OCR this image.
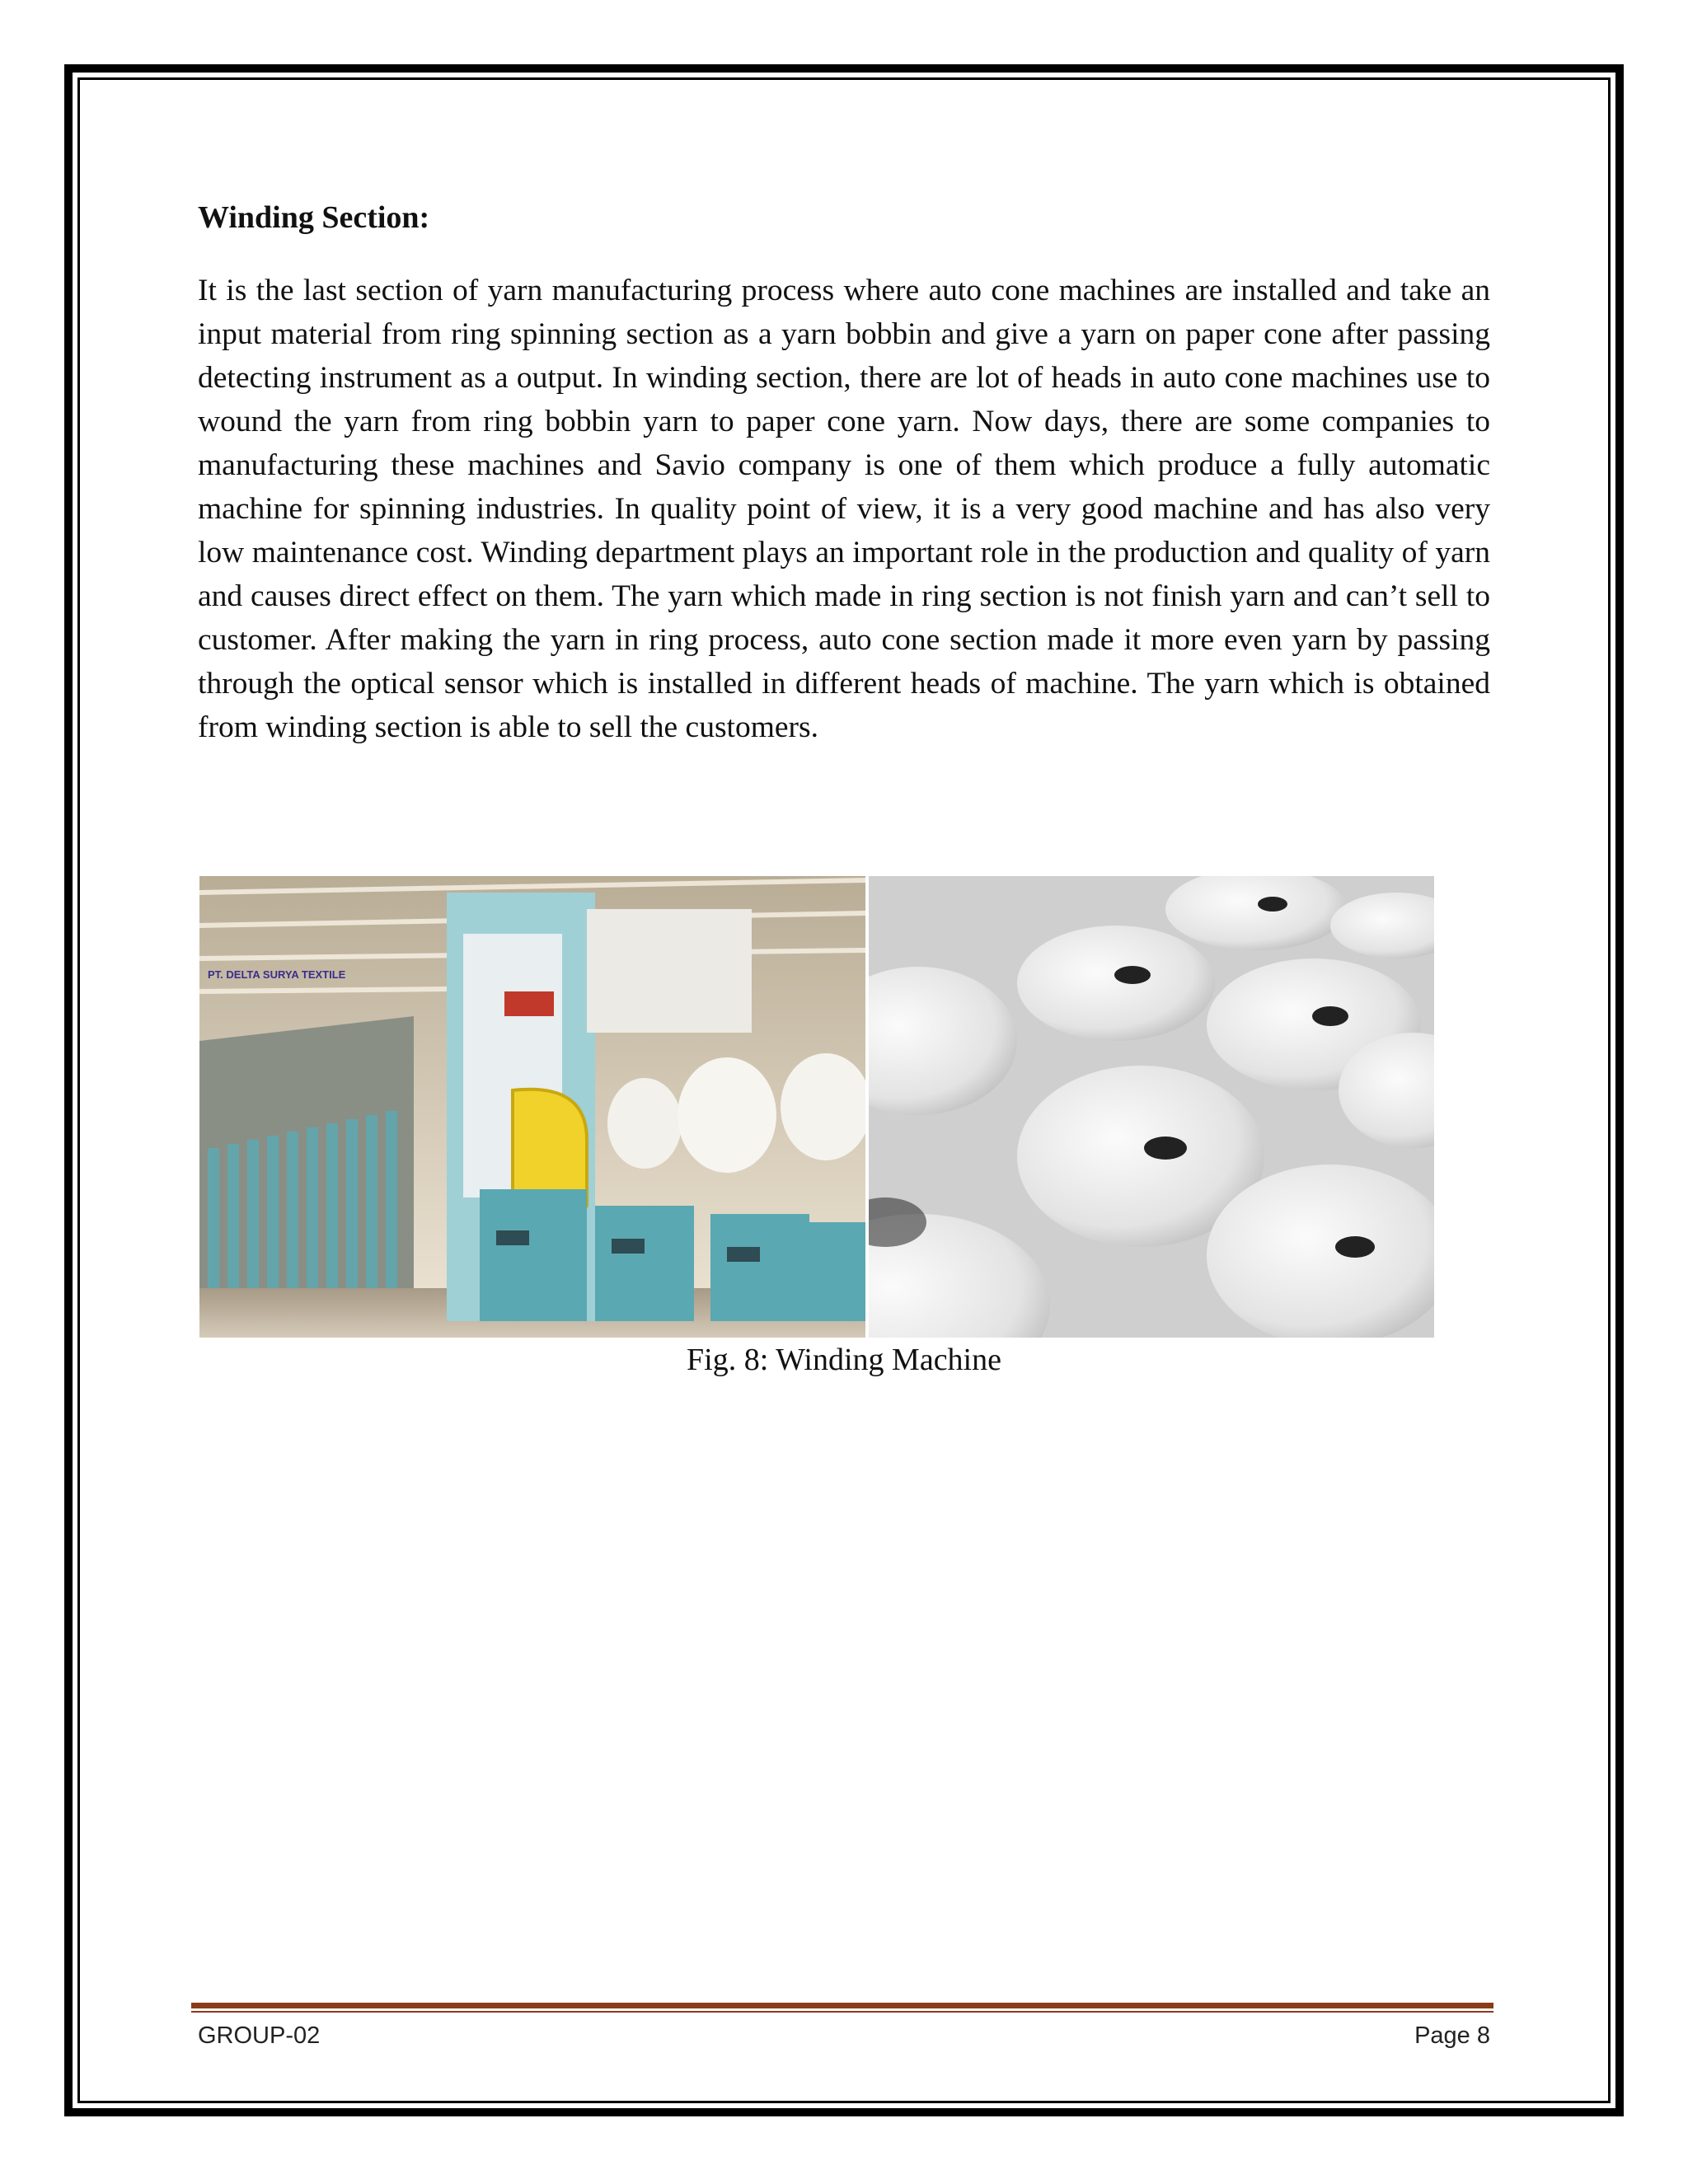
Winding Section:

It is the last section of yarn manufacturing process where auto cone machines are installed and take an input material from ring spinning section as a yarn bobbin and give a yarn on paper cone after passing detecting instrument as a output. In winding section, there are lot of heads in auto cone machines use to wound the yarn from ring bobbin yarn to paper cone yarn. Now days, there are some companies to manufacturing these machines and Savio company is one of them which produce a fully automatic machine for spinning industries. In quality point of view, it is a very good machine and has also very low maintenance cost. Winding department plays an important role in the production and quality of yarn and causes direct effect on them. The yarn which made in ring section is not finish yarn and can’t sell to customer. After making the yarn in ring process, auto cone section made it more even yarn by passing through the optical sensor which is installed in different heads of machine. The yarn which is obtained from winding section is able to sell the customers.

PT. DELTA SURYA TEXTILE

Fig. 8: Winding Machine

GROUP-02	Page 8
